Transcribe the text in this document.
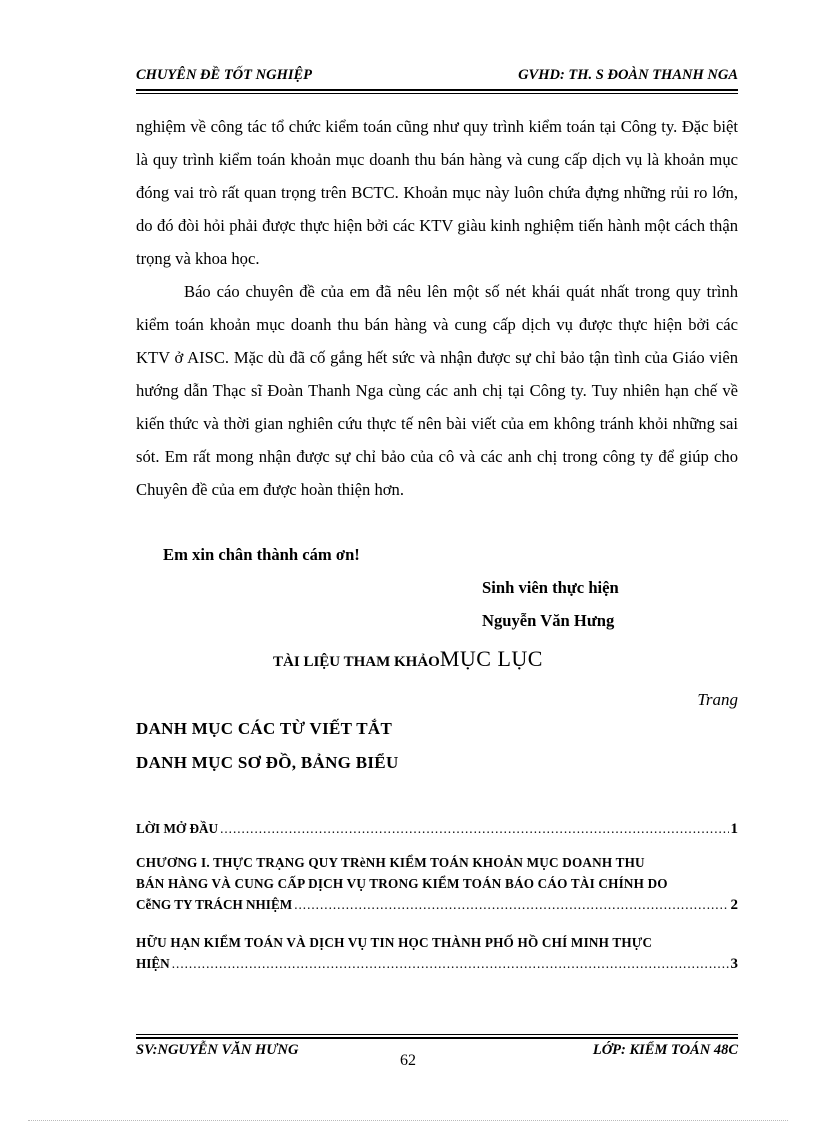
CHUYÊN ĐỀ TỐT NGHIỆP	GVHD: TH. S ĐOÀN THANH NGA
nghiệm về công tác tổ chức kiểm toán cũng như quy trình kiểm toán tại Công ty. Đặc biệt là quy trình kiểm toán khoản mục doanh thu bán hàng và cung cấp dịch vụ là khoản mục đóng vai trò rất quan trọng trên BCTC. Khoản mục này luôn chứa đựng những rủi ro lớn, do đó đòi hỏi phải được thực hiện bởi các KTV giàu kinh nghiệm tiến hành một cách thận trọng và khoa học.
Báo cáo chuyên đề của em đã nêu lên một số nét khái quát nhất trong quy trình kiểm toán khoản mục doanh thu bán hàng và cung cấp dịch vụ được thực hiện bởi các KTV ở AISC. Mặc dù đã cố gắng hết sức và nhận được sự chỉ bảo tận tình của Giáo viên hướng dẫn Thạc sĩ Đoàn Thanh Nga cùng các anh chị tại Công ty. Tuy nhiên hạn chế về kiến thức và thời gian nghiên cứu thực tế nên bài viết của em không tránh khỏi những sai sót. Em rất mong nhận được sự chỉ bảo của cô và các anh chị trong công ty để giúp cho Chuyên đề của em được hoàn thiện hơn.
Em xin chân thành cám ơn!
Sinh viên thực hiện
Nguyễn Văn Hưng
TÀI LIỆU THAM KHẢOMỤC LỤC
Trang
DANH MỤC CÁC TỪ VIẾT TẮT
DANH MỤC SƠ ĐỒ, BẢNG BIỂU
LỜI MỞ ĐẦU .....	1
CHƯƠNG I. THỰC TRẠNG QUY TRèNH KIỂM TOÁN KHOẢN MỤC DOANH THU
BÁN HÀNG VÀ CUNG CẤP DỊCH VỤ TRONG KIỂM TOÁN BÁO CÁO TÀI CHÍNH DO
CễNG TY TRÁCH NHIỆM .....	2
HỮU HẠN KIỂM TOÁN VÀ DỊCH VỤ TIN HỌC THÀNH PHỐ HỒ CHÍ MINH THỰC
HIỆN .....	3
SV:NGUYỄN VĂN HƯNG	LỚP: KIỂM TOÁN 48C
62
